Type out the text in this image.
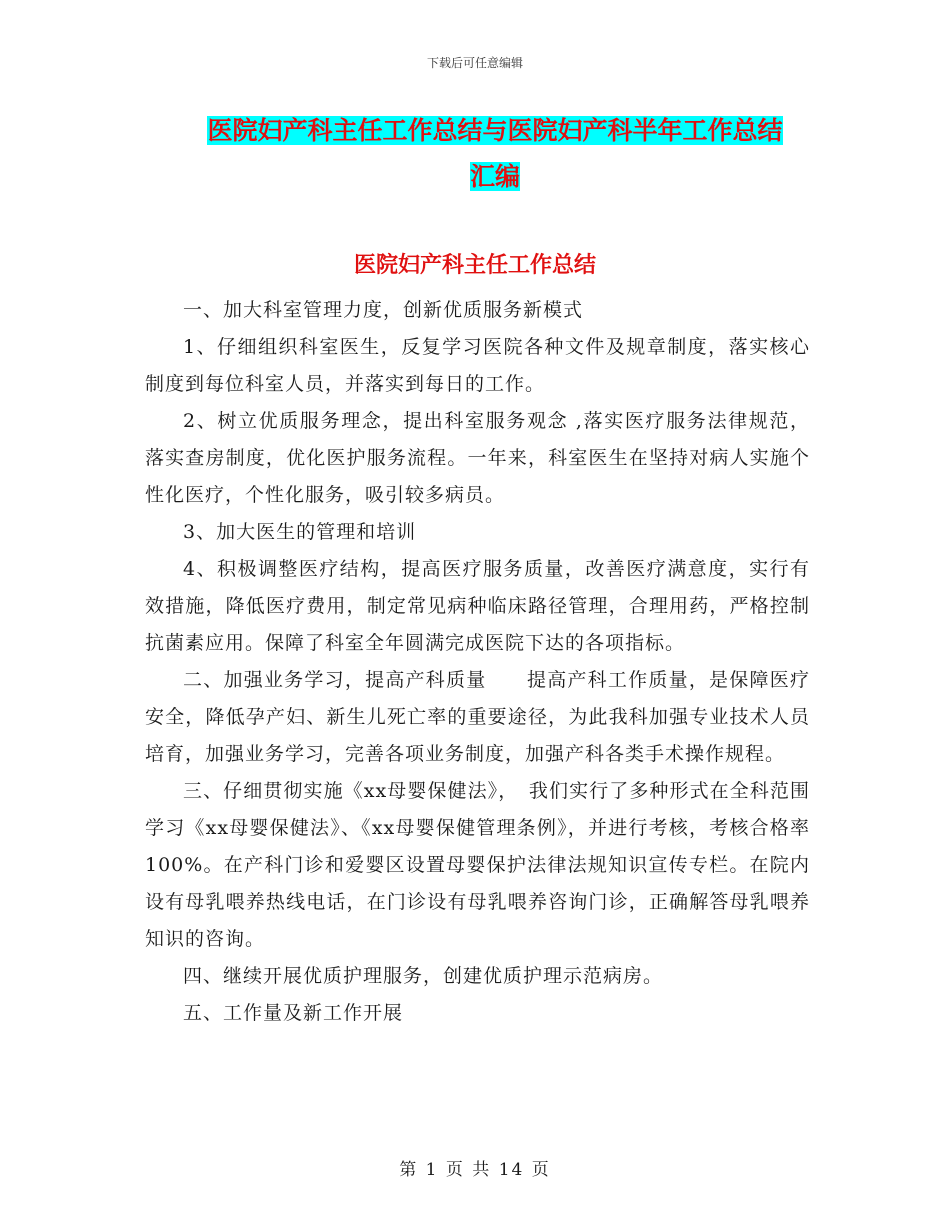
下载后可任意编辑
医院妇产科主任工作总结与医院妇产科半年工作总结
汇编
医院妇产科主任工作总结

一、加大科室管理力度，创新优质服务新模式

1、仔细组织科室医生，反复学习医院各种文件及规章制度，落实核心制度到每位科室人员，并落实到每日的工作。

2、树立优质服务理念，提出科室服务观念 ,落实医疗服务法律规范，落实查房制度，优化医护服务流程。一年来，科室医生在坚持对病人实施个性化医疗，个性化服务，吸引较多病员。

3、加大医生的管理和培训

4、积极调整医疗结构，提高医疗服务质量，改善医疗满意度，实行有效措施，降低医疗费用，制定常见病种临床路径管理，合理用药，严格控制抗菌素应用。保障了科室全年圆满完成医院下达的各项指标。

二、加强业务学习，提高产科质量　　提高产科工作质量，是保障医疗安全，降低孕产妇、新生儿死亡率的重要途径，为此我科加强专业技术人员培育，加强业务学习，完善各项业务制度，加强产科各类手术操作规程。

三、仔细贯彻实施《xx母婴保健法》，　我们实行了多种形式在全科范围学习《xx母婴保健法》、《xx母婴保健管理条例》，并进行考核，考核合格率100%。在产科门诊和爱婴区设置母婴保护法律法规知识宣传专栏。在院内设有母乳喂养热线电话，在门诊设有母乳喂养咨询门诊，正确解答母乳喂养知识的咨询。

四、继续开展优质护理服务，创建优质护理示范病房。

五、工作量及新工作开展

第 1 页 共 14 页
